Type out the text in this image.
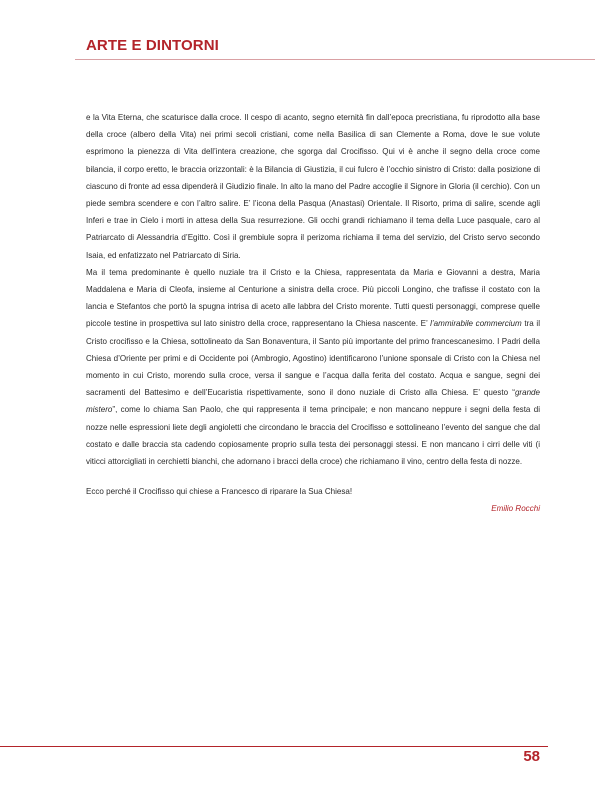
ARTE E DINTORNI

e la Vita Eterna, che scaturisce dalla croce. Il cespo di acanto, segno eternità fin dall’epoca precristiana, fu riprodotto alla base della croce (albero della Vita) nei primi secoli cristiani, come nella Basilica di san Clemente a Roma, dove le sue volute esprimono la pienezza di Vita dell’intera creazione, che sgorga dal Crocifisso. Qui vi è anche il segno della croce come bilancia, il corpo eretto, le braccia orizzontali: è la Bilancia di Giustizia, il cui fulcro è l’occhio sinistro di Cristo: dalla posizione di ciascuno di fronte ad essa dipenderà il Giudizio finale. In alto la mano del Padre accoglie il Signore in Gloria (il cerchio). Con un piede sembra scendere e con l’altro salire. E’ l’icona della Pasqua (Anastasi) Orientale. Il Risorto, prima di salire, scende agli Inferi e trae in Cielo i morti in attesa della Sua resurrezione. Gli occhi grandi richiamano il tema della Luce pasquale, caro al Patriarcato di Alessandria d’Egitto. Così il grembiule sopra il perizoma richiama il tema del servizio, del Cristo servo secondo Isaia, ed enfatizzato nel Patriarcato di Siria.

Ma il tema predominante è quello nuziale tra il Cristo e la Chiesa, rappresentata da Maria e Giovanni a destra, Maria Maddalena e Maria di Cleofa, insieme al Centurione a sinistra della croce. Più piccoli Longino, che trafisse il costato con la lancia e Stefantos che portò la spugna intrisa di aceto alle labbra del Cristo morente. Tutti questi personaggi, comprese quelle piccole testine in prospettiva sul lato sinistro della croce, rappresentano la Chiesa nascente. E’ l’ammirabile commercium tra il Cristo crocifisso e la Chiesa, sottolineato da San Bonaventura, il Santo più importante del primo francescanesimo. I Padri della Chiesa d’Oriente per primi e di Occidente poi (Ambrogio, Agostino) identificarono l’unione sponsale di Cristo con la Chiesa nel momento in cui Cristo, morendo sulla croce, versa il sangue e l’acqua dalla ferita del costato. Acqua e sangue, segni dei sacramenti del Battesimo e dell’Eucaristia rispettivamente, sono il dono nuziale di Cristo alla Chiesa. E’ questo “grande mistero”, come lo chiama San Paolo, che qui rappresenta il tema principale; e non mancano neppure i segni della festa di nozze nelle espressioni liete degli angioletti che circondano le braccia del Crocifisso e sottolineano l’evento del sangue che dal costato e dalle braccia sta cadendo copiosamente proprio sulla testa dei personaggi stessi. E non mancano i cirri delle viti (i viticci attorcigliati in cerchietti bianchi, che adornano i bracci della croce) che richiamano il vino, centro della festa di nozze.

Ecco perché il Crocifisso qui chiese a Francesco di riparare la Sua Chiesa!

Emilio Rocchi

58
